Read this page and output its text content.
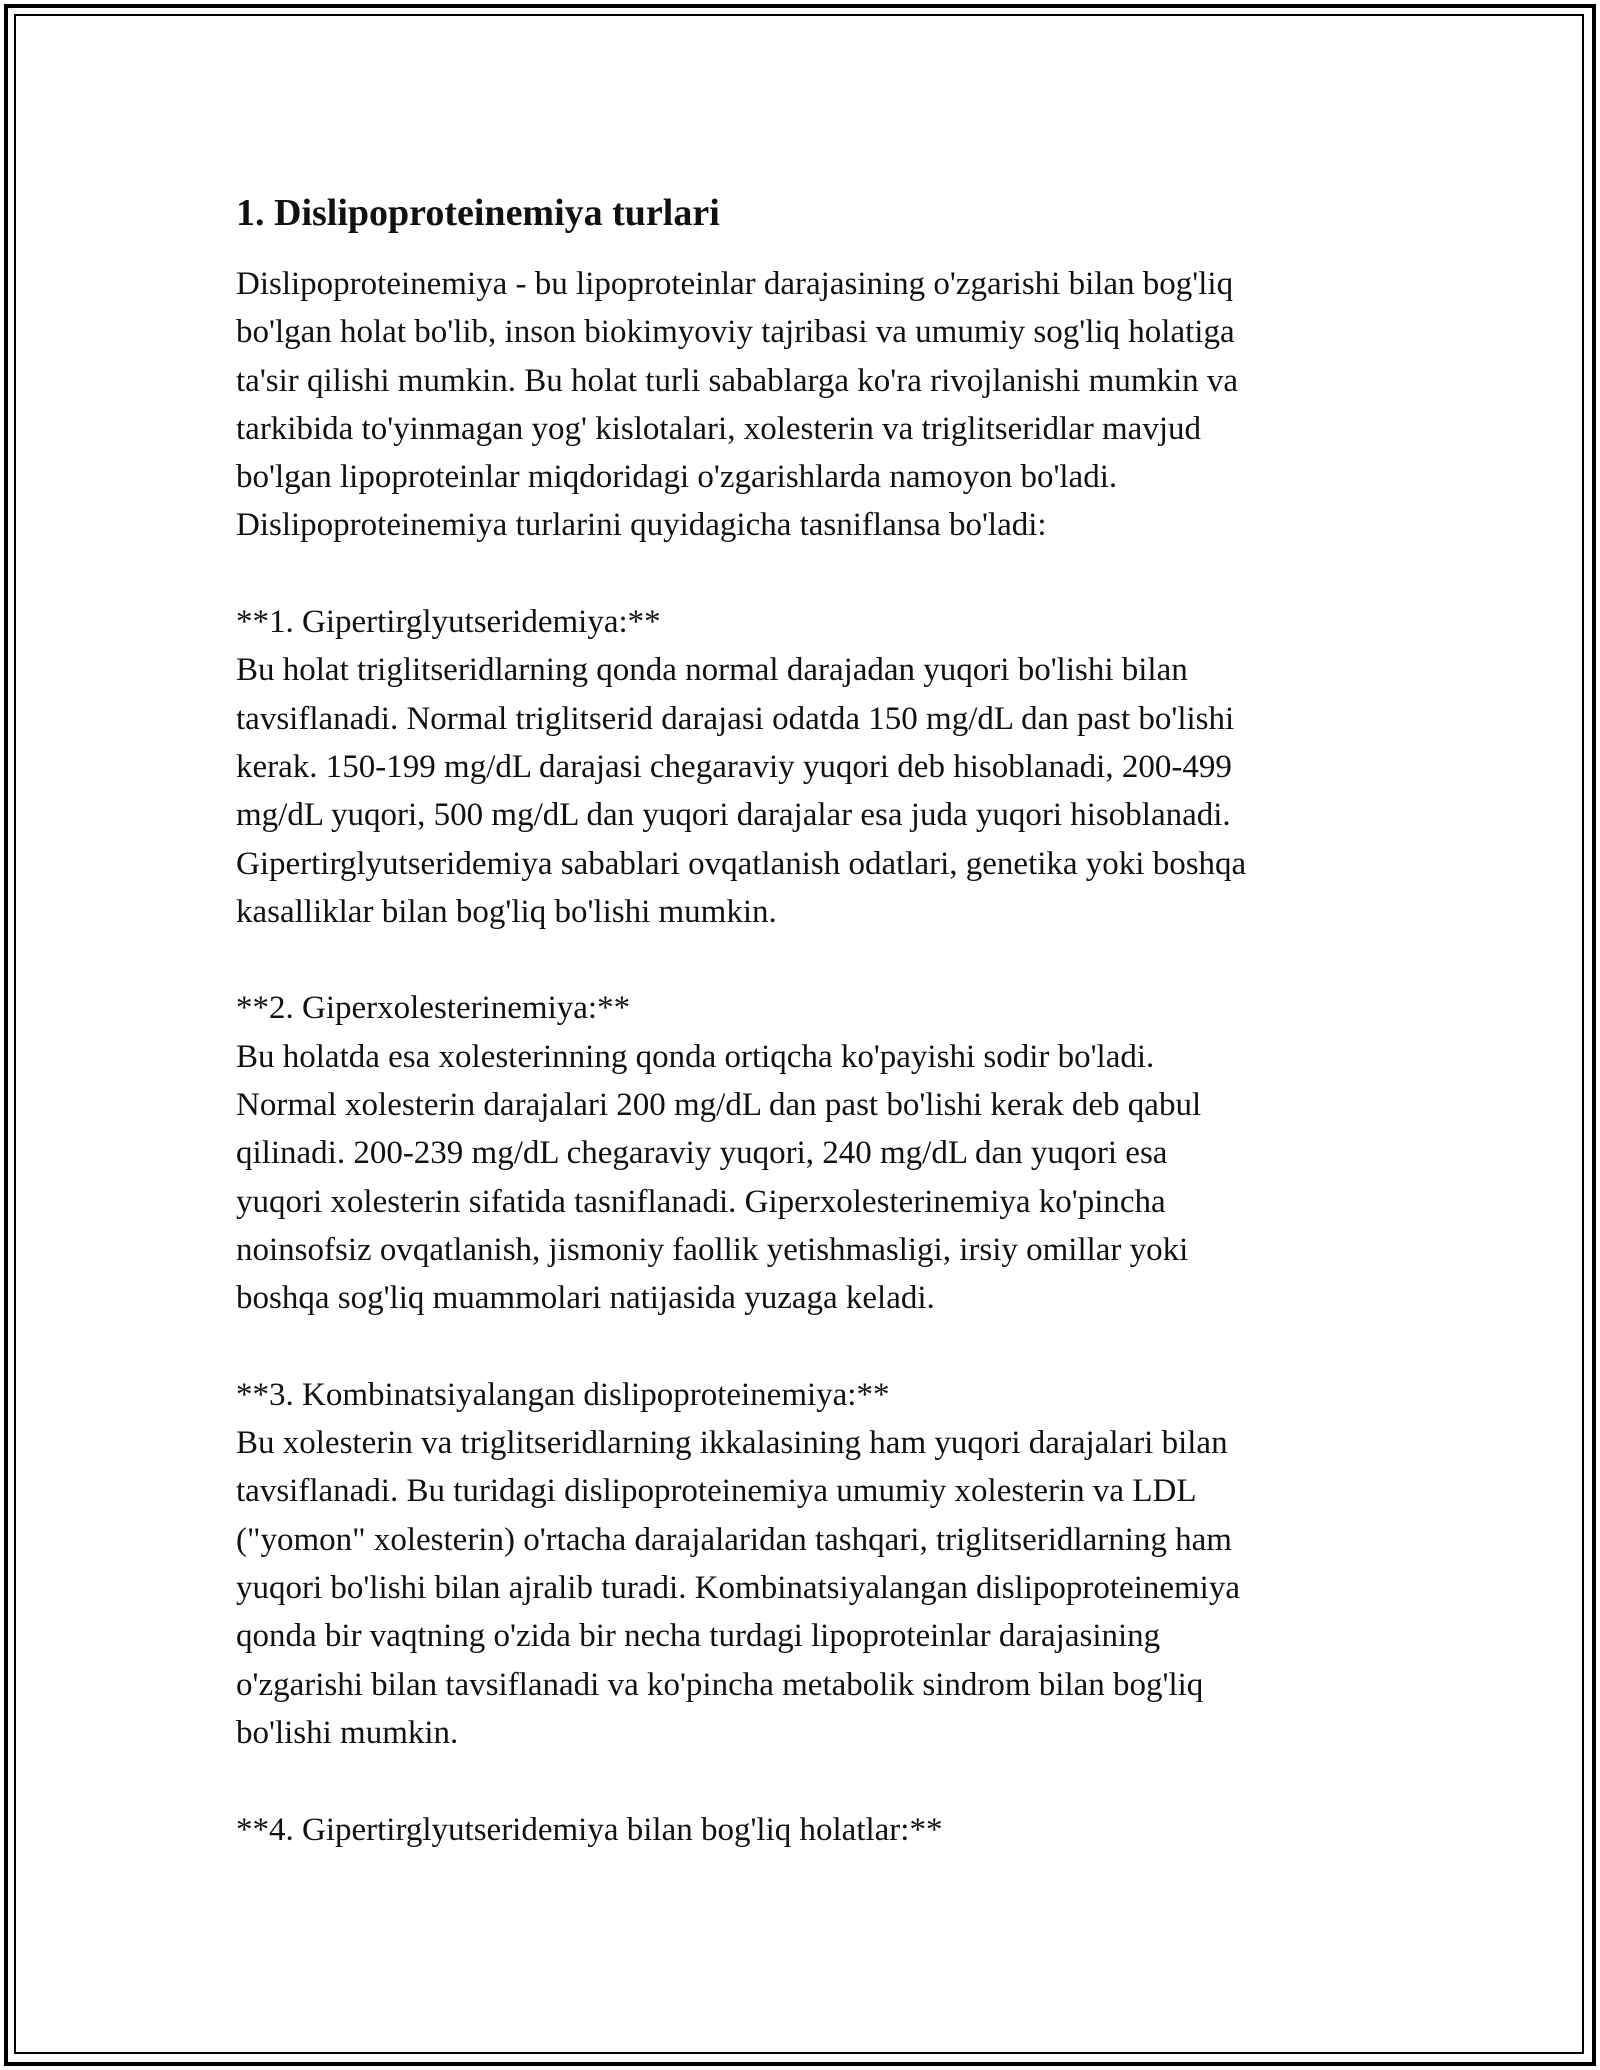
1. Dislipoproteinemiya turlari

Dislipoproteinemiya - bu lipoproteinlar darajasining o'zgarishi bilan bog'liq
bo'lgan holat bo'lib, inson biokimyoviy tajribasi va umumiy sog'liq holatiga
ta'sir qilishi mumkin. Bu holat turli sabablarga ko'ra rivojlanishi mumkin va
tarkibida to'yinmagan yog' kislotalari, xolesterin va triglitseridlar mavjud
bo'lgan lipoproteinlar miqdoridagi o'zgarishlarda namoyon bo'ladi.
Dislipoproteinemiya turlarini quyidagicha tasniflansa bo'ladi:

**1. Gipertirglyutseridemiya:**
Bu holat triglitseridlarning qonda normal darajadan yuqori bo'lishi bilan
tavsiflanadi. Normal triglitserid darajasi odatda 150 mg/dL dan past bo'lishi
kerak. 150-199 mg/dL darajasi chegaraviy yuqori deb hisoblanadi, 200-499
mg/dL yuqori, 500 mg/dL dan yuqori darajalar esa juda yuqori hisoblanadi.
Gipertirglyutseridemiya sabablari ovqatlanish odatlari, genetika yoki boshqa
kasalliklar bilan bog'liq bo'lishi mumkin.

**2. Giperxolesterinemiya:**
Bu holatda esa xolesterinning qonda ortiqcha ko'payishi sodir bo'ladi.
Normal xolesterin darajalari 200 mg/dL dan past bo'lishi kerak deb qabul
qilinadi. 200-239 mg/dL chegaraviy yuqori, 240 mg/dL dan yuqori esa
yuqori xolesterin sifatida tasniflanadi. Giperxolesterinemiya ko'pincha
noinsofsiz ovqatlanish, jismoniy faollik yetishmasligi, irsiy omillar yoki
boshqa sog'liq muammolari natijasida yuzaga keladi.

**3. Kombinatsiyalangan dislipoproteinemiya:**
Bu xolesterin va triglitseridlarning ikkalasining ham yuqori darajalari bilan
tavsiflanadi. Bu turidagi dislipoproteinemiya umumiy xolesterin va LDL
("yomon" xolesterin) o'rtacha darajalaridan tashqari, triglitseridlarning ham
yuqori bo'lishi bilan ajralib turadi. Kombinatsiyalangan dislipoproteinemiya
qonda bir vaqtning o'zida bir necha turdagi lipoproteinlar darajasining
o'zgarishi bilan tavsiflanadi va ko'pincha metabolik sindrom bilan bog'liq
bo'lishi mumkin.

**4. Gipertirglyutseridemiya bilan bog'liq holatlar:**
